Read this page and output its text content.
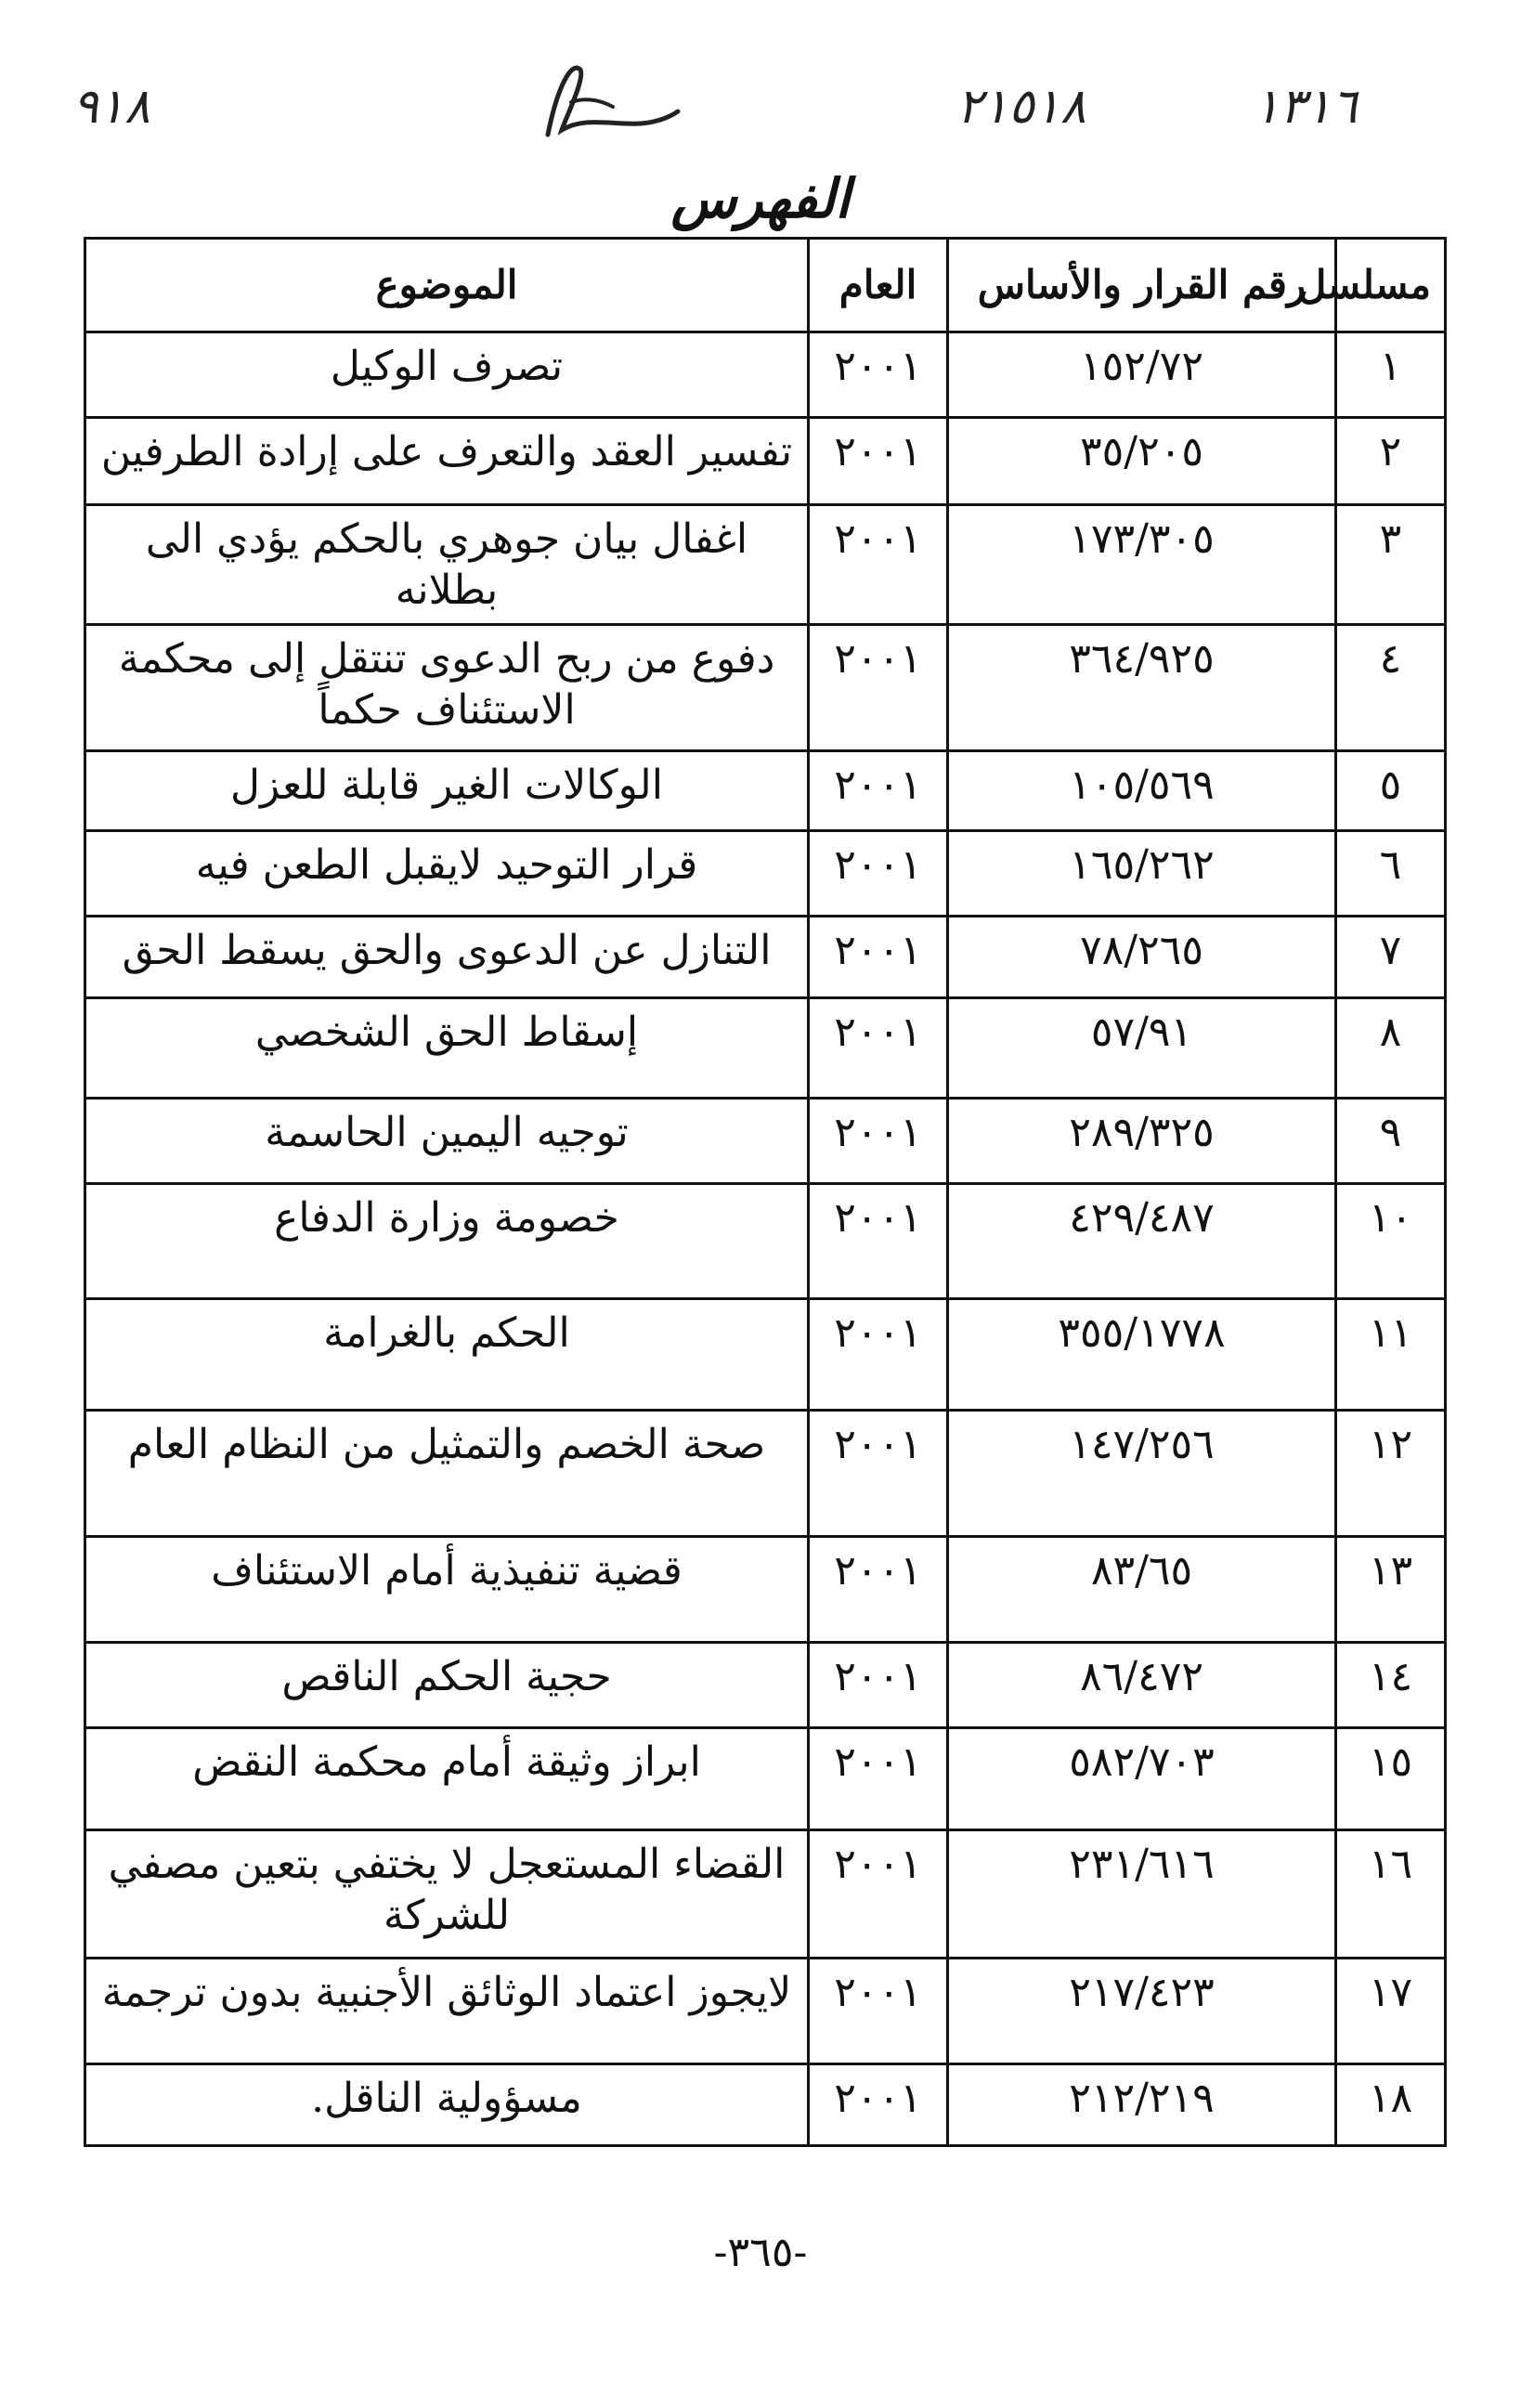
٩١٨	٢١٥١٨	١٣١٦
الفهرس
مسلسل	رقم القرار والأساس	العام	الموضوع
١	١٥٢/٧٢	٢٠٠١	تصرف الوكيل
٢	٣٥/٢٠٥	٢٠٠١	تفسير العقد والتعرف على إرادة الطرفين
٣	١٧٣/٣٠٥	٢٠٠١	اغفال بيان جوهري بالحكم يؤدي الى بطلانه
٤	٣٦٤/٩٢٥	٢٠٠١	دفوع من ربح الدعوى تنتقل إلى محكمة الاستئناف حكماً
٥	١٠٥/٥٦٩	٢٠٠١	الوكالات الغير قابلة للعزل
٦	١٦٥/٢٦٢	٢٠٠١	قرار التوحيد لايقبل الطعن فيه
٧	٧٨/٢٦٥	٢٠٠١	التنازل عن الدعوى والحق يسقط الحق
٨	٥٧/٩١	٢٠٠١	إسقاط الحق الشخصي
٩	٢٨٩/٣٢٥	٢٠٠١	توجيه اليمين الحاسمة
١٠	٤٢٩/٤٨٧	٢٠٠١	خصومة وزارة الدفاع
١١	٣٥٥/١٧٧٨	٢٠٠١	الحكم بالغرامة
١٢	١٤٧/٢٥٦	٢٠٠١	صحة الخصم والتمثيل من النظام العام
١٣	٨٣/٦٥	٢٠٠١	قضية تنفيذية أمام الاستئناف
١٤	٨٦/٤٧٢	٢٠٠١	حجية الحكم الناقص
١٥	٥٨٢/٧٠٣	٢٠٠١	ابراز وثيقة أمام محكمة النقض
١٦	٢٣١/٦١٦	٢٠٠١	القضاء المستعجل لا يختفي بتعين مصفي للشركة
١٧	٢١٧/٤٢٣	٢٠٠١	لايجوز اعتماد الوثائق الأجنبية بدون ترجمة
١٨	٢١٢/٢١٩	٢٠٠١	مسؤولية الناقل.
-٣٦٥-
